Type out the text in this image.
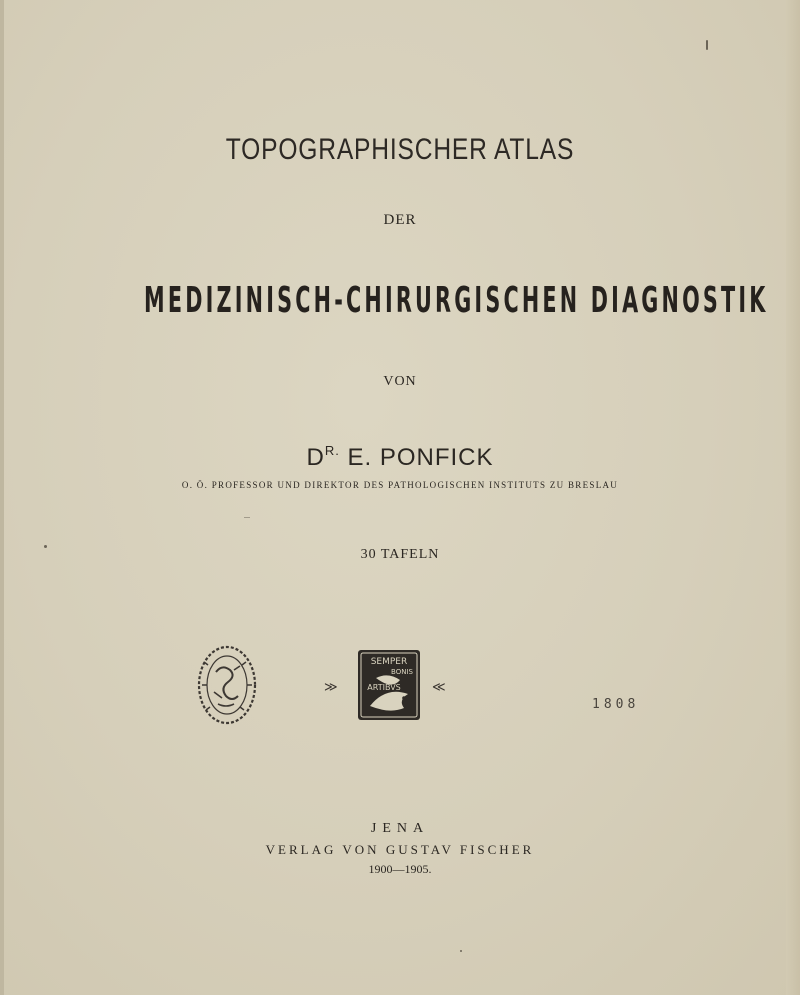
TOPOGRAPHISCHER ATLAS
DER
MEDIZINISCH-CHIRURGISCHEN DIAGNOSTIK
VON
$D^{R.}$ E. PONFICK
O. Ö. PROFESSOR UND DIREKTOR DES PATHOLOGISCHEN INSTITUTS ZU BRESLAU
30 TAFELN
≫
SEMPER
BONIS
ARTIBVS ≪
1808
JENA
VERLAG VON GUSTAV FISCHER
1900—1905.
